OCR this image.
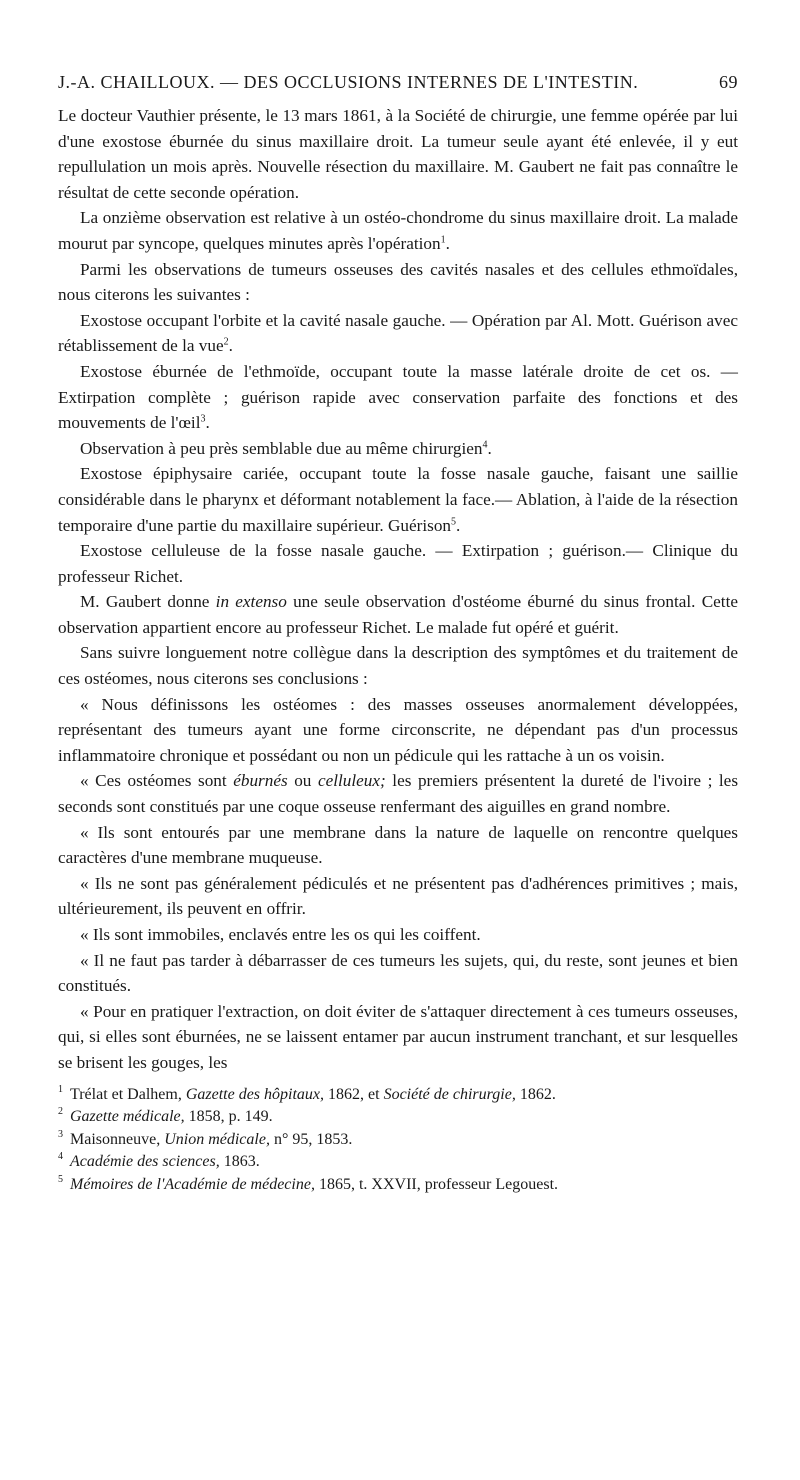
J.-A. CHAILLOUX. — DES OCCLUSIONS INTERNES DE L'INTESTIN.	69

Le docteur Vauthier présente, le 13 mars 1861, à la Société de chirurgie, une femme opérée par lui d'une exostose éburnée du sinus maxillaire droit. La tumeur seule ayant été enlevée, il y eut repullulation un mois après. Nouvelle résection du maxillaire. M. Gaubert ne fait pas connaître le résultat de cette seconde opération.

La onzième observation est relative à un ostéo-chondrome du sinus maxillaire droit. La malade mourut par syncope, quelques minutes après l'opération$^1$.

Parmi les observations de tumeurs osseuses des cavités nasales et des cellules ethmoïdales, nous citerons les suivantes :

Exostose occupant l'orbite et la cavité nasale gauche. — Opération par Al. Mott. Guérison avec rétablissement de la vue$^2$.

Exostose éburnée de l'ethmoïde, occupant toute la masse latérale droite de cet os. — Extirpation complète ; guérison rapide avec conservation parfaite des fonctions et des mouvements de l'œil$^3$.

Observation à peu près semblable due au même chirurgien$^4$.

Exostose épiphysaire cariée, occupant toute la fosse nasale gauche, faisant une saillie considérable dans le pharynx et déformant notablement la face.— Ablation, à l'aide de la résection temporaire d'une partie du maxillaire supérieur. Guérison$^5$.

Exostose celluleuse de la fosse nasale gauche. — Extirpation ; guérison.— Clinique du professeur Richet.

M. Gaubert donne in extenso une seule observation d'ostéome éburné du sinus frontal. Cette observation appartient encore au professeur Richet. Le malade fut opéré et guérit.

Sans suivre longuement notre collègue dans la description des symptômes et du traitement de ces ostéomes, nous citerons ses conclusions :

« Nous définissons les ostéomes : des masses osseuses anormalement développées, représentant des tumeurs ayant une forme circonscrite, ne dépendant pas d'un processus inflammatoire chronique et possédant ou non un pédicule qui les rattache à un os voisin.

« Ces ostéomes sont éburnés ou celluleux; les premiers présentent la dureté de l'ivoire ; les seconds sont constitués par une coque osseuse renfermant des aiguilles en grand nombre.

« Ils sont entourés par une membrane dans la nature de laquelle on rencontre quelques caractères d'une membrane muqueuse.

« Ils ne sont pas généralement pédiculés et ne présentent pas d'adhérences primitives ; mais, ultérieurement, ils peuvent en offrir.

« Ils sont immobiles, enclavés entre les os qui les coiffent.

« Il ne faut pas tarder à débarrasser de ces tumeurs les sujets, qui, du reste, sont jeunes et bien constitués.

« Pour en pratiquer l'extraction, on doit éviter de s'attaquer directement à ces tumeurs osseuses, qui, si elles sont éburnées, ne se laissent entamer par aucun instrument tranchant, et sur lesquelles se brisent les gouges, les

1 Trélat et Dalhem, Gazette des hôpitaux, 1862, et Société de chirurgie, 1862.
2 Gazette médicale, 1858, p. 149.
3 Maisonneuve, Union médicale, n° 95, 1853.
4 Académie des sciences, 1863.
5 Mémoires de l'Académie de médecine, 1865, t. XXVII, professeur Legouest.
